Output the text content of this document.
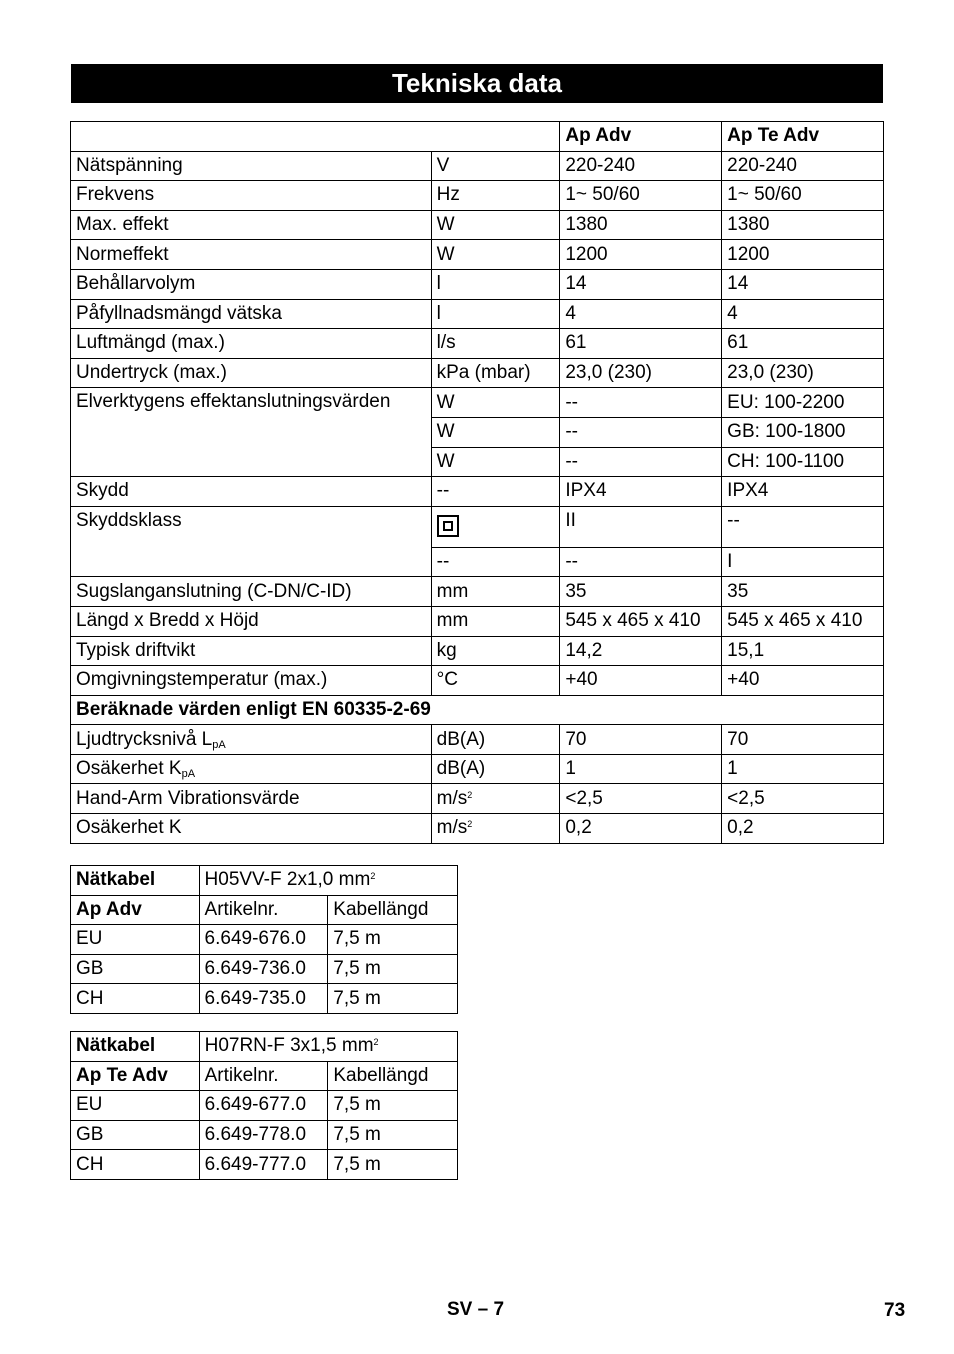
Tekniska data
		Ap Adv	Ap Te Adv
Nätspänning	V	220-240	220-240
Frekvens	Hz	1~ 50/60	1~ 50/60
Max. effekt	W	1380	1380
Normeffekt	W	1200	1200
Behållarvolym	l	14	14
Påfyllnadsmängd vätska	l	4	4
Luftmängd (max.)	l/s	61	61
Undertryck (max.)	kPa (mbar)	23,0 (230)	23,0 (230)
Elverktygens effektanslutningsvärden	W	--	EU: 100-2200
	W	--	GB: 100-1800
	W	--	CH: 100-1100
Skydd	--	IPX4	IPX4
Skyddsklass		II	--
	--	--	I
Sugslanganslutning (C-DN/C-ID)	mm	35	35
Längd x Bredd x Höjd	mm	545 x 465 x 410	545 x 465 x 410
Typisk driftvikt	kg	14,2	15,1
Omgivningstemperatur (max.)	°C	+40	+40
Beräknade värden enligt EN 60335-2-69			
Ljudtrycksnivå $L_{pA}$	dB(A)	70	70
Osäkerhet $K_{pA}$	dB(A)	1	1
Hand-Arm Vibrationsvärde	$m/s^2$	<2,5	<2,5
Osäkerhet K	$m/s^2$	0,2	0,2
Nätkabel	H05VV-F 2x1,0 $mm^2$
Ap Adv	Artikelnr.	Kabellängd
EU	6.649-676.0	7,5 m
GB	6.649-736.0	7,5 m
CH	6.649-735.0	7,5 m
Nätkabel	H07RN-F 3x1,5 $mm^2$
Ap Te Adv	Artikelnr.	Kabellängd
EU	6.649-677.0	7,5 m
GB	6.649-778.0	7,5 m
CH	6.649-777.0	7,5 m
SV – 7	73
